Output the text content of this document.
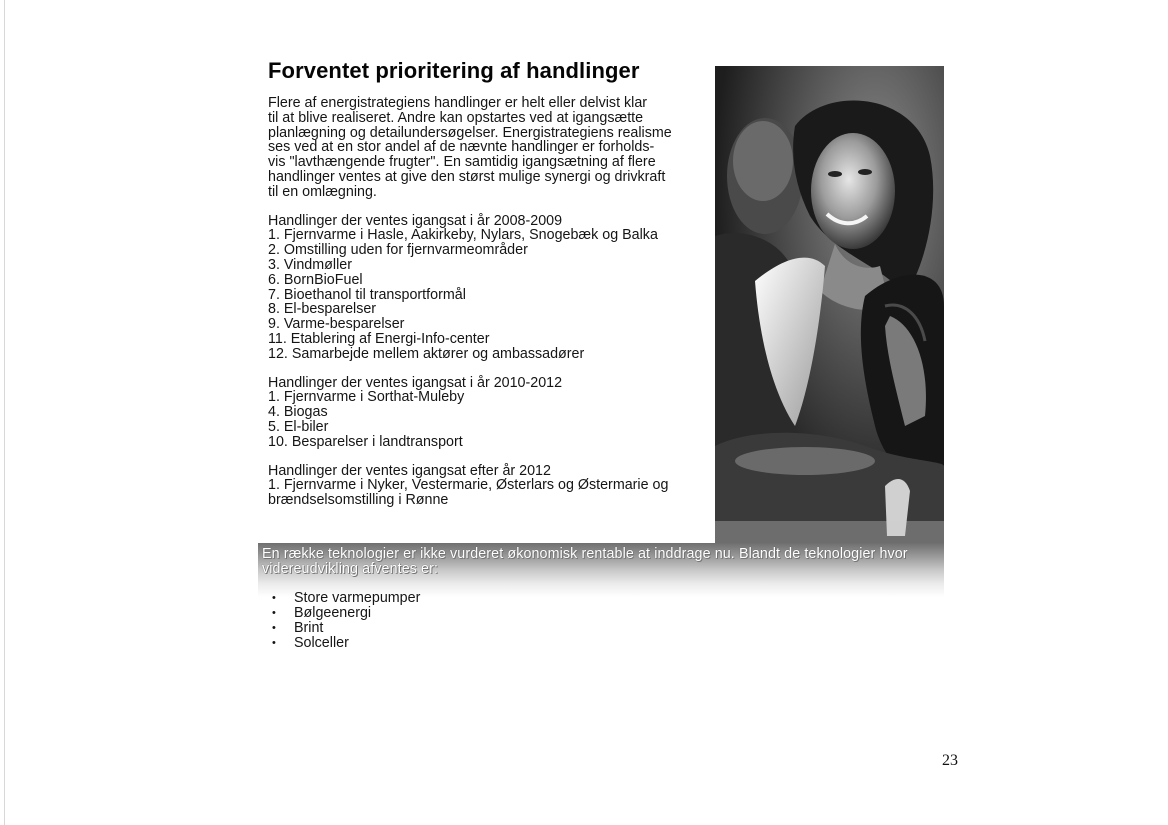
Forventet prioritering af handlinger

Flere af energistrategiens handlinger er helt eller delvist klar
til at blive realiseret. Andre kan opstartes ved at igangsætte
planlægning og detailundersøgelser. Energistrategiens realisme
ses ved at en stor andel af de nævnte handlinger er forholds-
vis "lavthængende frugter". En samtidig igangsætning af flere
handlinger ventes at give den størst mulige synergi og drivkraft
til en omlægning.

Handlinger der ventes igangsat i år 2008-2009
1. Fjernvarme i Hasle, Aakirkeby, Nylars, Snogebæk og Balka
2. Omstilling uden for fjernvarmeområder
3. Vindmøller
6. BornBioFuel
7. Bioethanol til transportformål
8. El-besparelser
9. Varme-besparelser
11. Etablering af Energi-Info-center
12. Samarbejde mellem aktører og ambassadører
Handlinger der ventes igangsat i år 2010-2012
1. Fjernvarme i Sorthat-Muleby
4. Biogas
5. El-biler
10. Besparelser i landtransport
Handlinger der ventes igangsat efter år 2012
1. Fjernvarme i Nyker, Vestermarie, Østerlars og Østermarie og
brændselsomstilling i Rønne

En række teknologier er ikke vurderet økonomisk rentable at inddrage nu. Blandt de teknologier hvor
videreudvikling afventes er:

•	Store varmepumper
•	Bølgeenergi
•	Brint
•	Solceller
23
